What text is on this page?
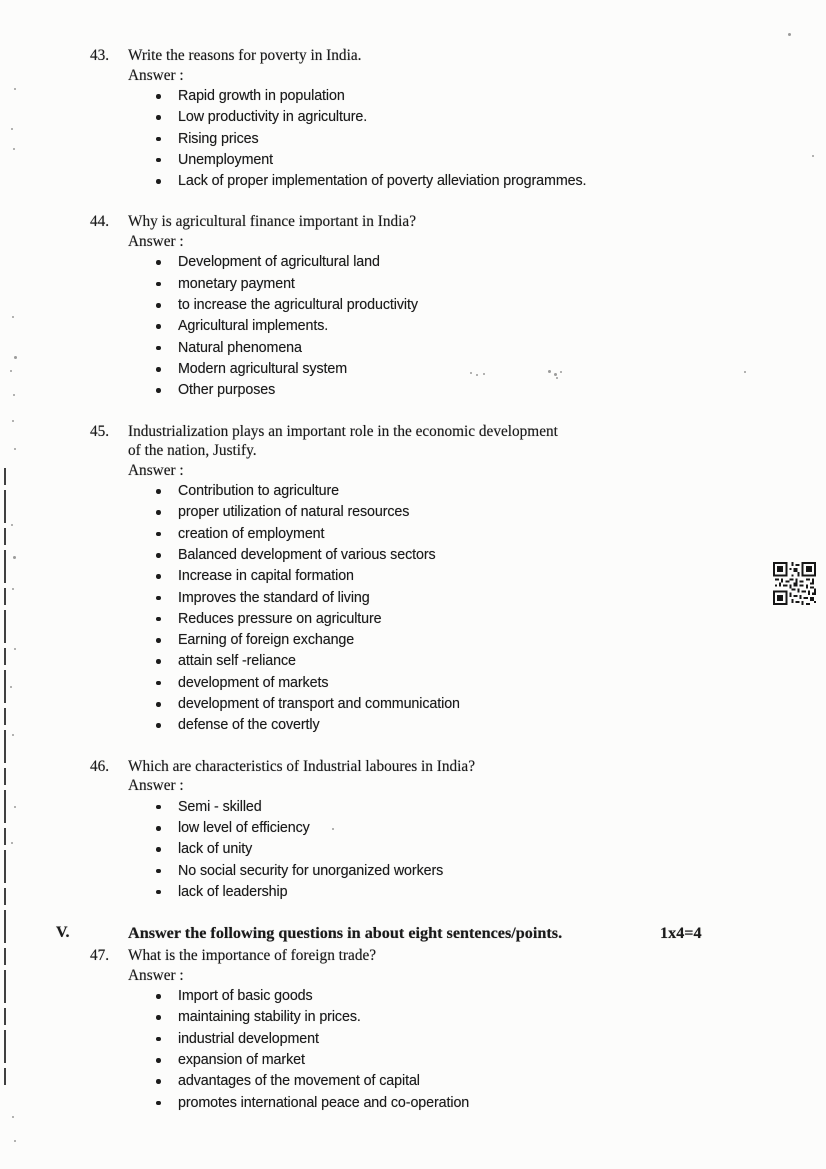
43.	Write the reasons for poverty in India.
Answer :
Rapid growth in population
Low productivity in agriculture.
Rising prices
Unemployment
Lack of proper implementation of poverty alleviation programmes.
44.	Why is agricultural finance important in India?
Answer :
Development of agricultural land
monetary payment
to increase the agricultural productivity
Agricultural implements.
Natural phenomena
Modern agricultural system
Other purposes
45.	Industrialization plays an important role in the economic development
of the nation, Justify.
Answer :
Contribution to agriculture
proper utilization of natural resources
creation of employment
Balanced development of various sectors
Increase in capital formation
Improves the standard of living
Reduces pressure on agriculture
Earning of foreign exchange
attain self -reliance
development of markets
development of transport and communication
defense of the covertly
46.	Which are characteristics of Industrial laboures in India?
Answer :
Semi - skilled
low level of efficiency
lack of unity
No social security for unorganized workers
lack of leadership
V.	Answer the following questions in about eight sentences/points.	1x4=4
47.	What is the importance of foreign trade?
Answer :
Import of basic goods
maintaining stability in prices.
industrial development
expansion of market
advantages of the movement of capital
promotes international peace and co-operation
